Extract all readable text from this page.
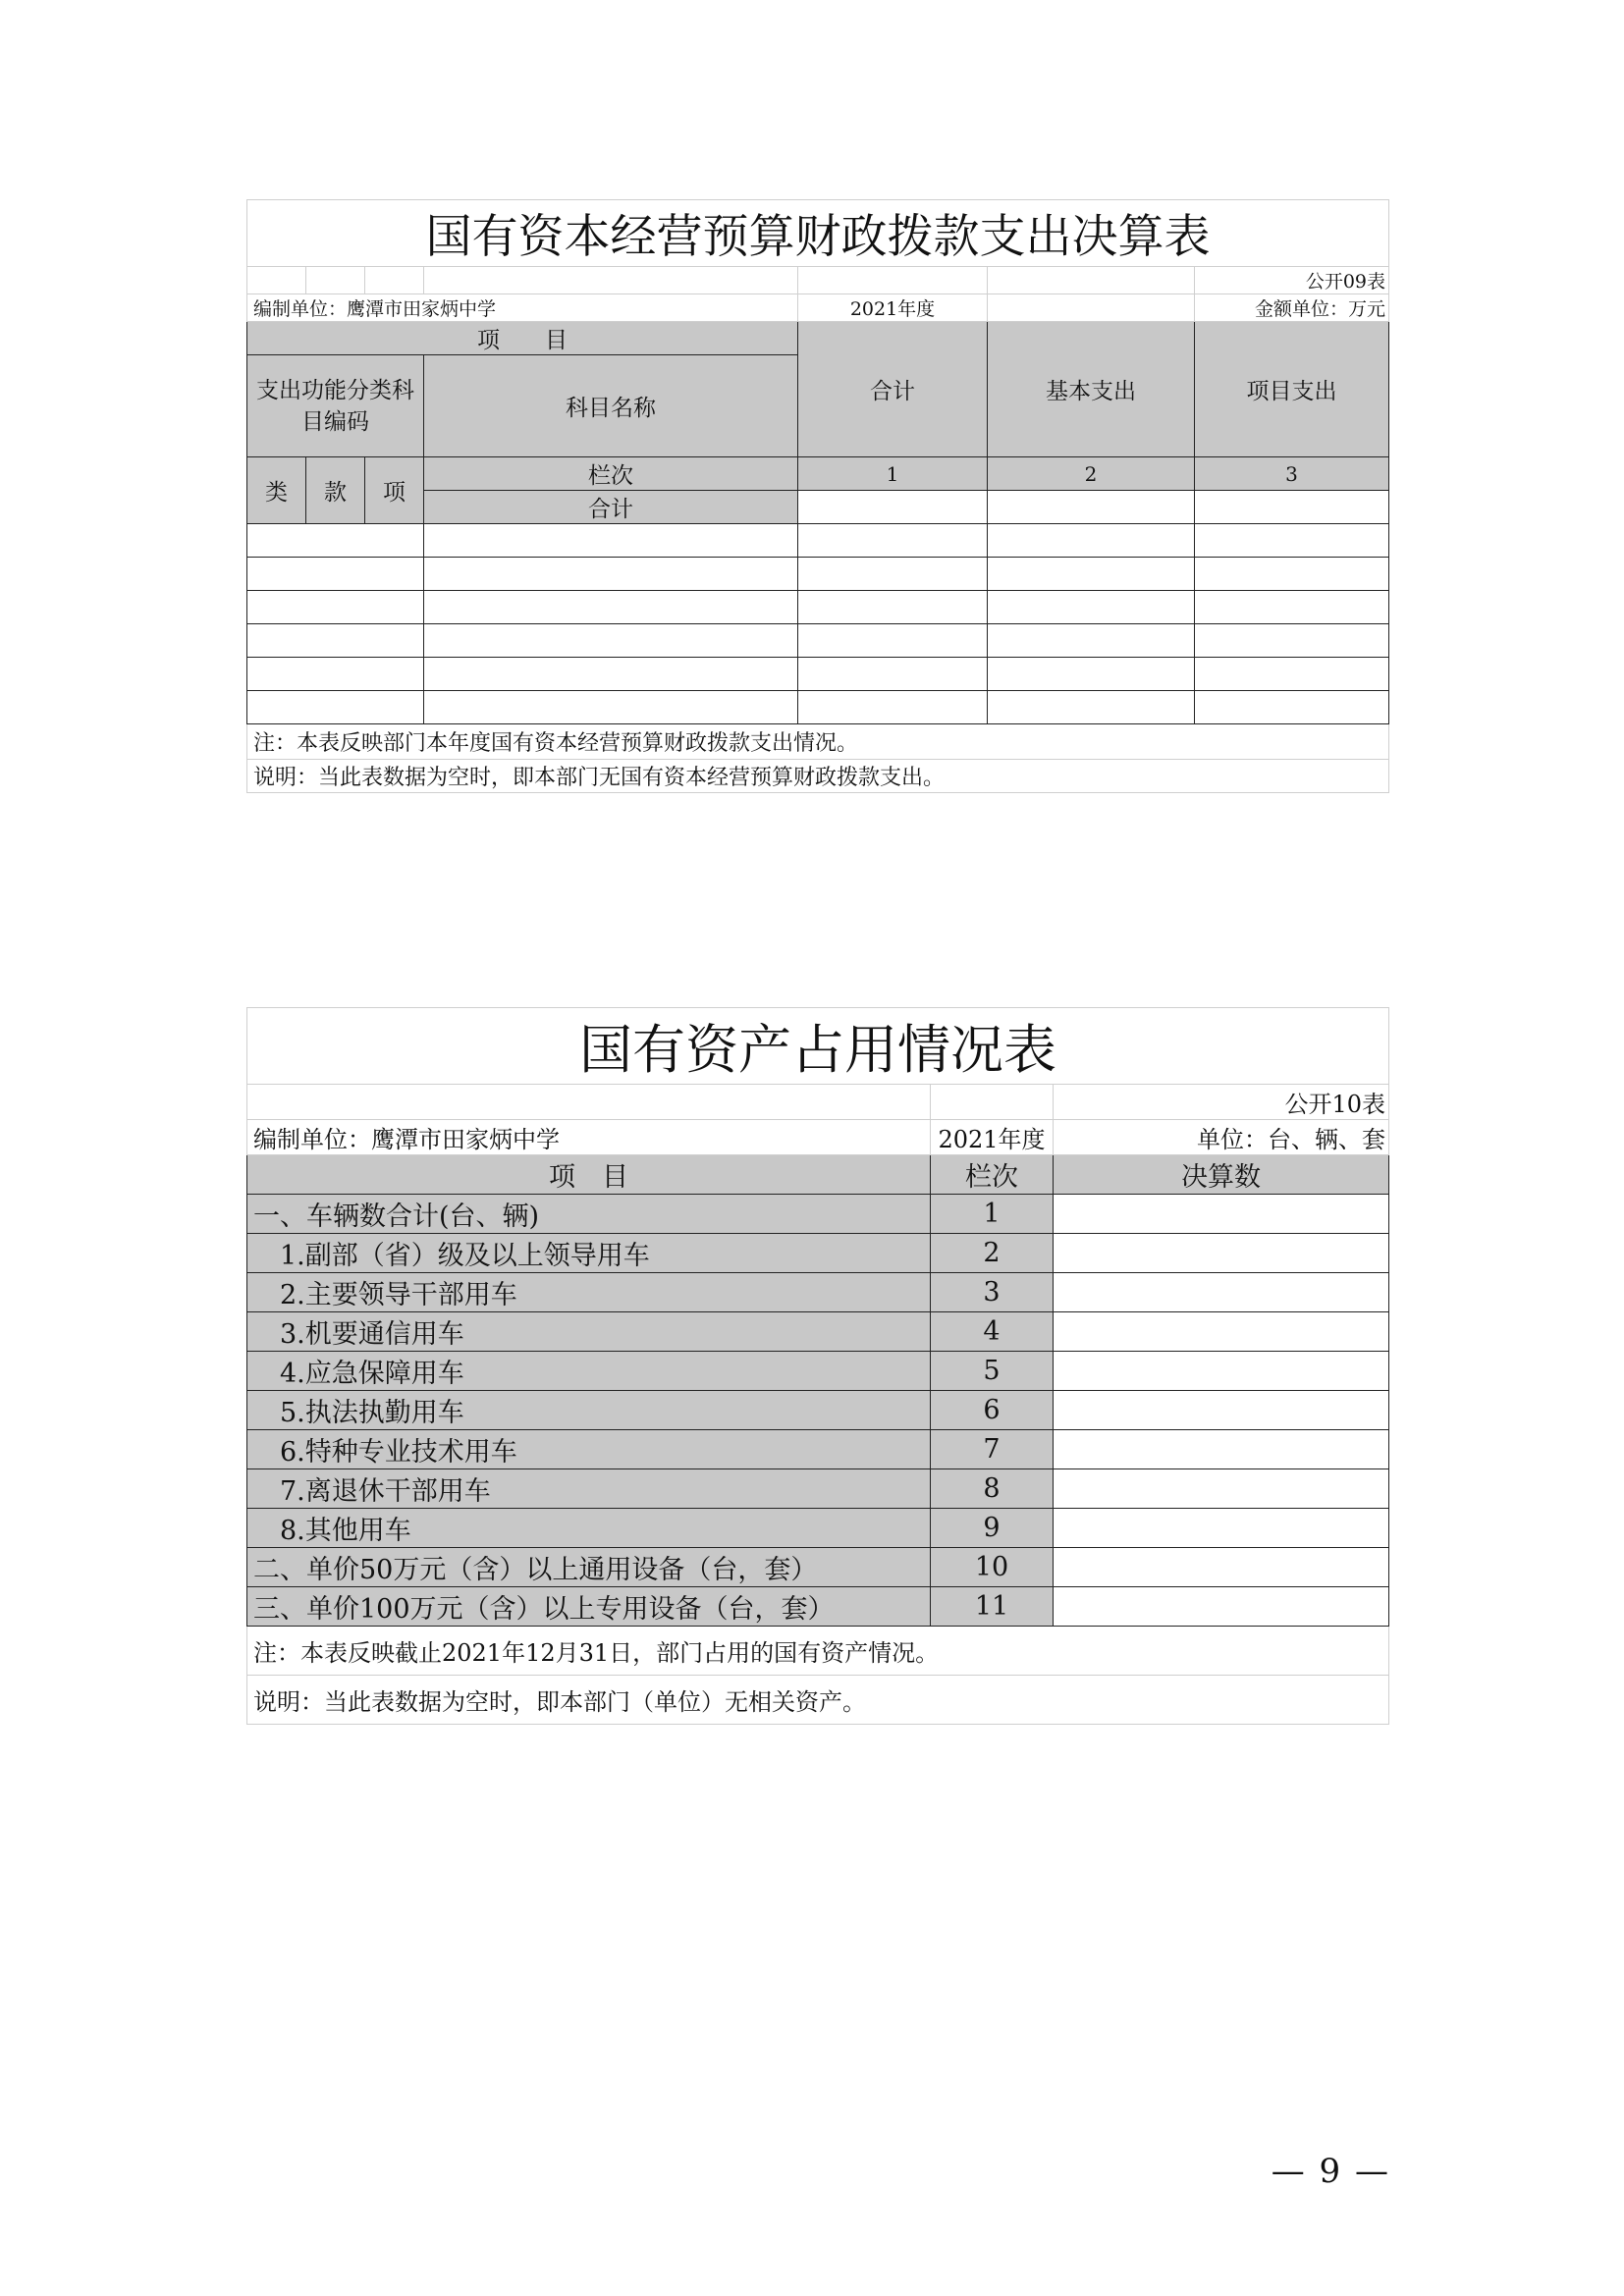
国有资本经营预算财政拨款支出决算表						
						公开09表
编制单位：鹰潭市田家炳中学				2021年度		金额单位：万元
项　　目				合计	基本支出	项目支出
支出功能分类科目编码			科目名称			
类	款	项	栏次	1	2	3
			合计			

注：本表反映部门本年度国有资本经营预算财政拨款支出情况。						
说明：当此表数据为空时，即本部门无国有资本经营预算财政拨款支出。						
国有资产占用情况表		
		公开10表
编制单位：鹰潭市田家炳中学	2021年度	单位：台、辆、套
项　目	栏次	决算数
一、车辆数合计(台、辆)	1	
　1.副部（省）级及以上领导用车	2	
　2.主要领导干部用车	3	
　3.机要通信用车	4	
　4.应急保障用车	5	
　5.执法执勤用车	6	
　6.特种专业技术用车	7	
　7.离退休干部用车	8	
　8.其他用车	9	
二、单价50万元（含）以上通用设备（台，套）	10	
三、单价100万元（含）以上专用设备（台，套）	11	
注：本表反映截止2021年12月31日，部门占用的国有资产情况。		
说明：当此表数据为空时，即本部门（单位）无相关资产。		
— 9 —
